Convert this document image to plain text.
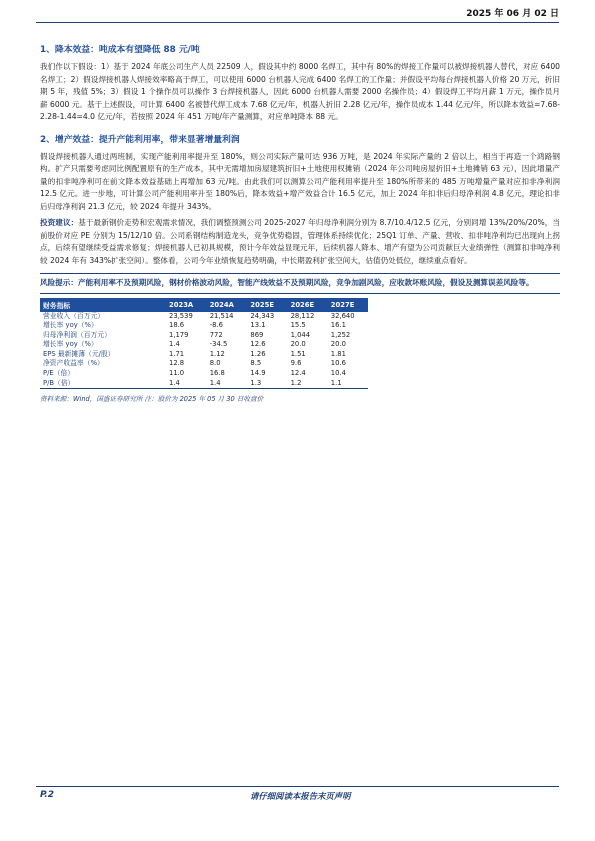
2025 年 06 月 02 日
1、降本效益：吨成本有望降低 88 元/吨

我们作以下假设：1）基于 2024 年底公司生产人员 22509 人，假设其中约 8000 名焊工，其中有 80%的焊接工作量可以被焊接机器人替代，对应 6400 名焊工；2）假设焊接机器人焊接效率略高于焊工，可以使用 6000 台机器人完成 6400 名焊工的工作量；并假设平均每台焊接机器人价格 20 万元，折旧期 5 年，残值 5%；3）假设 1 个操作员可以操作 3 台焊接机器人，因此 6000 台机器人需要 2000 名操作员；4）假设焊工平均月薪 1 万元，操作员月薪 6000 元。基于上述假设，可计算 6400 名被替代焊工成本 7.68 亿元/年，机器人折旧 2.28 亿元/年，操作员成本 1.44 亿元/年，所以降本效益=7.68-2.28-1.44=4.0 亿元/年，若按照 2024 年 451 万吨/年产量测算，对应单吨降本 88 元。

2、增产效益：提升产能利用率，带来显著增量利润

假设焊接机器人通过两班制，实现产能利用率提升至 180%，则公司实际产量可达 936 万吨，是 2024 年实际产量的 2 倍以上，相当于再造一个鸿路钢构。扩产只需要考虑同比例配置原有的生产成本，其中无需增加房屋建筑折旧+土地使用权摊销（2024 年公司吨房屋折旧+土地摊销 63 元），因此增量产量的扣非吨净利可在前文降本效益基础上再增加 63 元/吨。由此我们可以测算公司产能利用率提升至 180%所带来的 485 万吨增量产量对应扣非净利润 12.5 亿元。进一步地，可计算公司产能利用率升至 180%后，降本效益+增产效益合计 16.5 亿元，加上 2024 年扣非后归母净利润 4.8 亿元，理论扣非后归母净利润 21.3 亿元，较 2024 年提升 343%。

投资建议：基于最新钢价走势和宏观需求情况，我们调整预测公司 2025-2027 年归母净利润分别为 8.7/10.4/12.5 亿元，分别同增 13%/20%/20%，当前股价对应 PE 分别为 15/12/10 倍。公司系钢结构制造龙头，竞争优势稳固，管理体系持续优化；25Q1 订单、产量、营收、扣非吨净利均已出现向上拐点，后续有望继续受益需求修复；焊接机器人已初具规模，预计今年效益显现元年，后续机器人降本、增产有望为公司贡献巨大业绩弹性（测算扣非吨净利较 2024 年有 343%扩张空间）。整体看，公司今年业绩恢复趋势明确，中长期盈利扩张空间大，估值仍处低位，继续重点看好。

风险提示：产能利用率不及预期风险，钢材价格波动风险，智能产线效益不及预期风险，竞争加剧风险，应收款坏账风险，假设及测算误差风险等。
财务指标	2023A	2024A	2025E	2026E	2027E
营业收入（百万元）	23,539	21,514	24,343	28,112	32,640
增长率 yoy（%）	18.6	-8.6	13.1	15.5	16.1
归母净利润（百万元）	1,179	772	869	1,044	1,252
增长率 yoy（%）	1.4	-34.5	12.6	20.0	20.0
EPS 最新摊薄（元/股）	1.71	1.12	1.26	1.51	1.81
净资产收益率（%）	12.8	8.0	8.5	9.6	10.6
P/E（倍）	11.0	16.8	14.9	12.4	10.4
P/B（倍）	1.4	1.4	1.3	1.2	1.1
资料来源：Wind，国盛证券研究所 注：股价为 2025 年 05 月 30 日收盘价
P.2	请仔细阅读本报告末页声明
